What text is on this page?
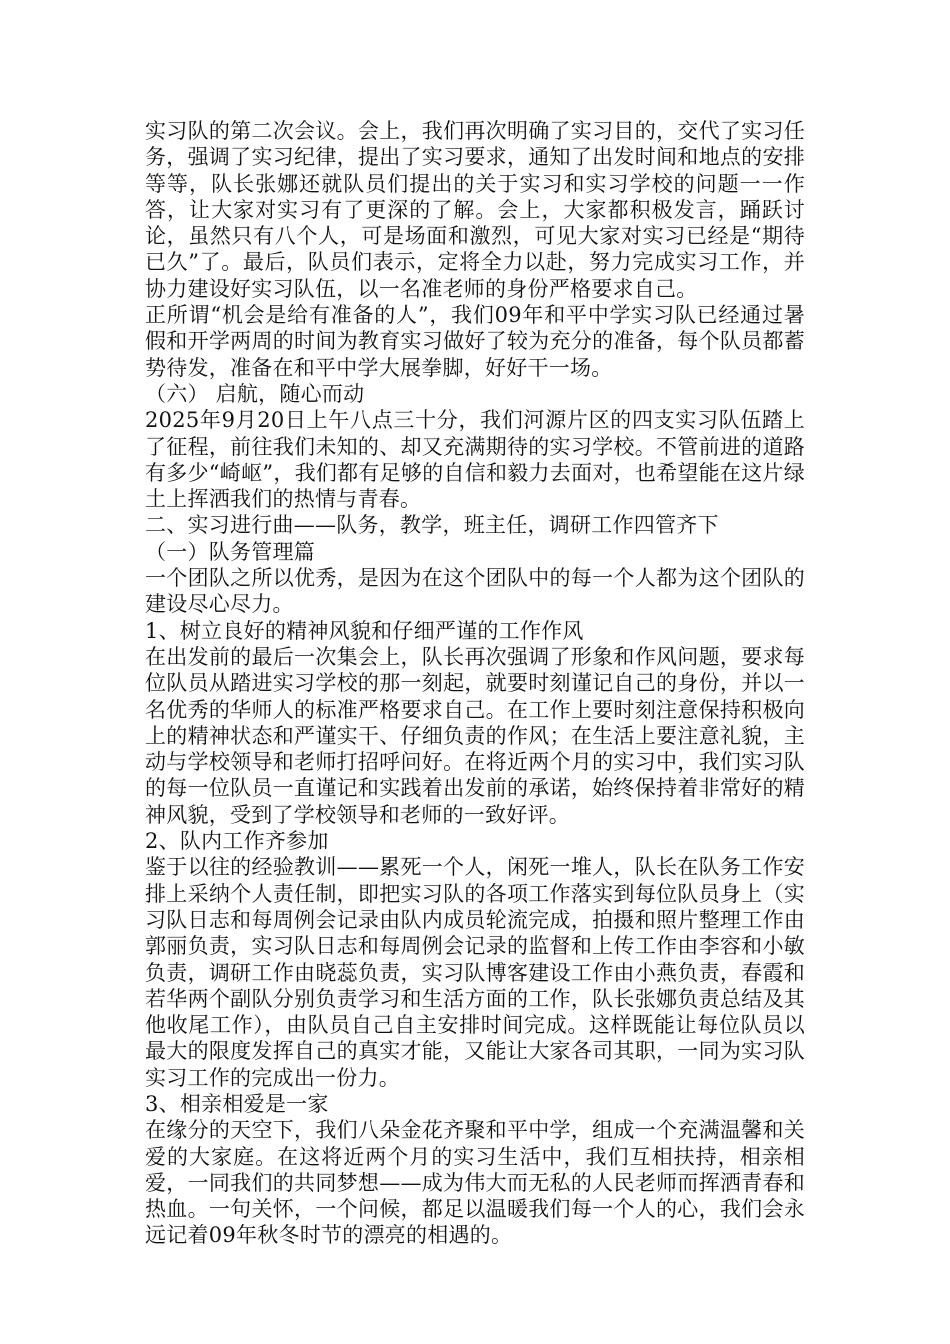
实习队的第二次会议。会上，我们再次明确了实习目的，交代了实习任务，强调了实习纪律，提出了实习要求，通知了出发时间和地点的安排等等，队长张娜还就队员们提出的关于实习和实习学校的问题一一作答，让大家对实习有了更深的了解。会上，大家都积极发言，踊跃讨论，虽然只有八个人，可是场面和激烈，可见大家对实习已经是“期待已久”了。最后，队员们表示，定将全力以赴，努力完成实习工作，并协力建设好实习队伍，以一名准老师的身份严格要求自己。

正所谓“机会是给有准备的人”，我们09年和平中学实习队已经通过暑假和开学两周的时间为教育实习做好了较为充分的准备，每个队员都蓄势待发，准备在和平中学大展拳脚，好好干一场。

（六） 启航，随心而动

2025年9月20日上午八点三十分，我们河源片区的四支实习队伍踏上了征程，前往我们未知的、却又充满期待的实习学校。不管前进的道路有多少“崎岖”，我们都有足够的自信和毅力去面对，也希望能在这片绿土上挥洒我们的热情与青春。

二、实习进行曲——队务，教学，班主任，调研工作四管齐下

（一）队务管理篇

一个团队之所以优秀，是因为在这个团队中的每一个人都为这个团队的建设尽心尽力。

1、树立良好的精神风貌和仔细严谨的工作作风

在出发前的最后一次集会上，队长再次强调了形象和作风问题，要求每位队员从踏进实习学校的那一刻起，就要时刻谨记自己的身份，并以一名优秀的华师人的标准严格要求自己。在工作上要时刻注意保持积极向上的精神状态和严谨实干、仔细负责的作风；在生活上要注意礼貌，主动与学校领导和老师打招呼问好。在将近两个月的实习中，我们实习队的每一位队员一直谨记和实践着出发前的承诺，始终保持着非常好的精神风貌，受到了学校领导和老师的一致好评。

2、队内工作齐参加

鉴于以往的经验教训——累死一个人，闲死一堆人，队长在队务工作安排上采纳个人责任制，即把实习队的各项工作落实到每位队员身上（实习队日志和每周例会记录由队内成员轮流完成，拍摄和照片整理工作由郭丽负责，实习队日志和每周例会记录的监督和上传工作由李容和小敏负责，调研工作由晓蕊负责，实习队博客建设工作由小燕负责，春霞和若华两个副队分别负责学习和生活方面的工作，队长张娜负责总结及其他收尾工作），由队员自己自主安排时间完成。这样既能让每位队员以最大的限度发挥自己的真实才能，又能让大家各司其职，一同为实习队实习工作的完成出一份力。

3、相亲相爱是一家

在缘分的天空下，我们八朵金花齐聚和平中学，组成一个充满温馨和关爱的大家庭。在这将近两个月的实习生活中，我们互相扶持，相亲相爱，一同我们的共同梦想——成为伟大而无私的人民老师而挥洒青春和热血。一句关怀，一个问候，都足以温暖我们每一个人的心，我们会永远记着09年秋冬时节的漂亮的相遇的。
